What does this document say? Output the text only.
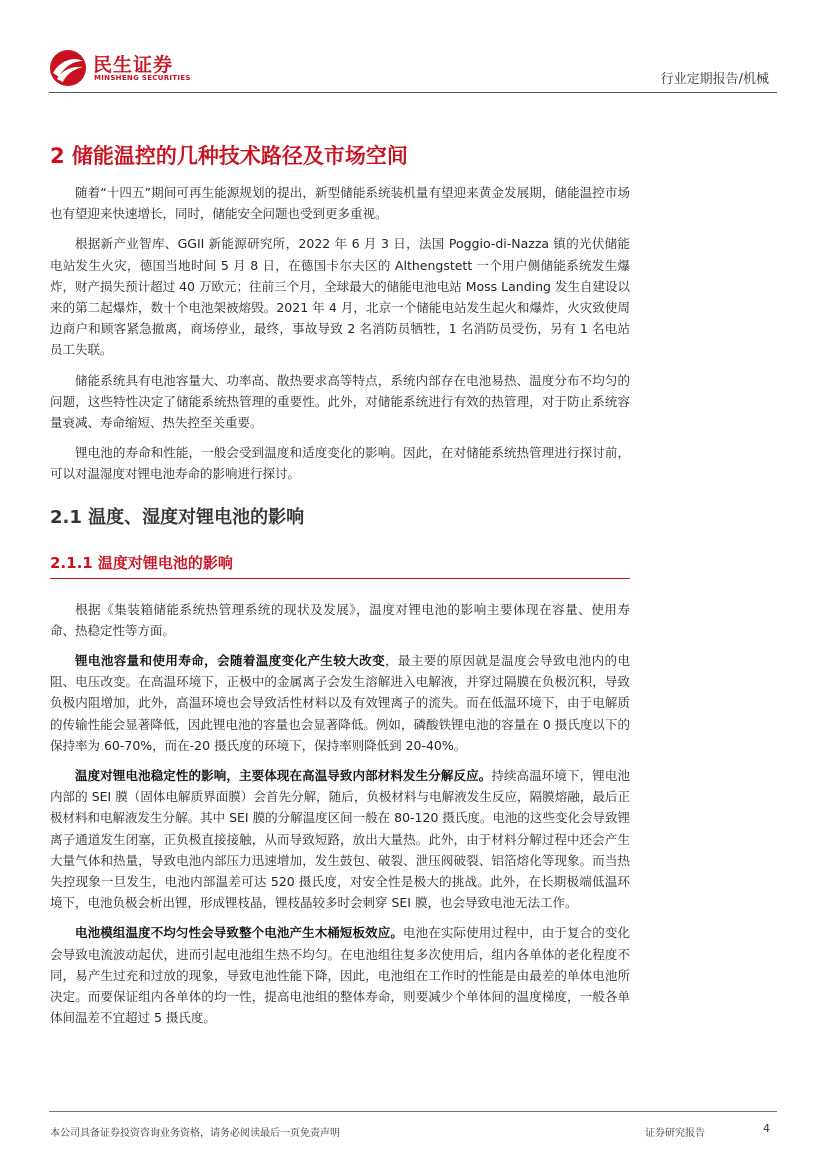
民生证券
MINSHENG SECURITIES	行业定期报告/机械
2 储能温控的几种技术路径及市场空间

随着“十四五”期间可再生能源规划的提出，新型储能系统装机量有望迎来黄金发展期，储能温控市场也有望迎来快速增长，同时，储能安全问题也受到更多重视。

根据新产业智库、GGII 新能源研究所，2022 年 6 月 3 日，法国 Poggio-di-Nazza 镇的光伏储能电站发生火灾，德国当地时间 5 月 8 日，在德国卡尔夫区的 Althengstett 一个用户侧储能系统发生爆炸，财产损失预计超过 40 万欧元；往前三个月，全球最大的储能电池电站 Moss Landing 发生自建设以来的第二起爆炸，数十个电池架被熔毁。2021 年 4 月，北京一个储能电站发生起火和爆炸，火灾致使周边商户和顾客紧急撤离，商场停业，最终，事故导致 2 名消防员牺牲，1 名消防员受伤，另有 1 名电站员工失联。

储能系统具有电池容量大、功率高、散热要求高等特点，系统内部存在电池易热、温度分布不均匀的问题，这些特性决定了储能系统热管理的重要性。此外，对储能系统进行有效的热管理，对于防止系统容量衰减、寿命缩短、热失控至关重要。

锂电池的寿命和性能，一般会受到温度和适度变化的影响。因此，在对储能系统热管理进行探讨前，可以对温湿度对锂电池寿命的影响进行探讨。

2.1 温度、湿度对锂电池的影响
2.1.1 温度对锂电池的影响

根据《集装箱储能系统热管理系统的现状及发展》，温度对锂电池的影响主要体现在容量、使用寿命、热稳定性等方面。

锂电池容量和使用寿命，会随着温度变化产生较大改变，最主要的原因就是温度会导致电池内的电阻、电压改变。在高温环境下，正极中的金属离子会发生溶解进入电解液，并穿过隔膜在负极沉积，导致负极内阻增加，此外，高温环境也会导致活性材料以及有效锂离子的流失。而在低温环境下，由于电解质的传输性能会显著降低，因此锂电池的容量也会显著降低。例如，磷酸铁锂电池的容量在 0 摄氏度以下的保持率为 60-70%，而在-20 摄氏度的环境下，保持率则降低到 20-40%。

温度对锂电池稳定性的影响，主要体现在高温导致内部材料发生分解反应。持续高温环境下，锂电池内部的 SEI 膜（固体电解质界面膜）会首先分解，随后，负极材料与电解液发生反应，隔膜熔融，最后正极材料和电解液发生分解。其中 SEI 膜的分解温度区间一般在 80-120 摄氏度。电池的这些变化会导致锂离子通道发生闭塞，正负极直接接触，从而导致短路，放出大量热。此外，由于材料分解过程中还会产生大量气体和热量，导致电池内部压力迅速增加，发生鼓包、破裂、泄压阀破裂、铝箔熔化等现象。而当热失控现象一旦发生，电池内部温差可达 520 摄氏度，对安全性是极大的挑战。此外，在长期极端低温环境下，电池负极会析出锂，形成锂枝晶，锂枝晶较多时会刺穿 SEI 膜，也会导致电池无法工作。

电池模组温度不均匀性会导致整个电池产生木桶短板效应。电池在实际使用过程中，由于复合的变化会导致电流波动起伏，进而引起电池组生热不均匀。在电池组往复多次使用后，组内各单体的老化程度不同，易产生过充和过放的现象，导致电池性能下降，因此，电池组在工作时的性能是由最差的单体电池所决定。而要保证组内各单体的均一性，提高电池组的整体寿命，则要减少个单体间的温度梯度，一般各单体间温差不宜超过 5 摄氏度。

本公司具备证券投资咨询业务资格，请务必阅读最后一页免责声明	证券研究报告	4
